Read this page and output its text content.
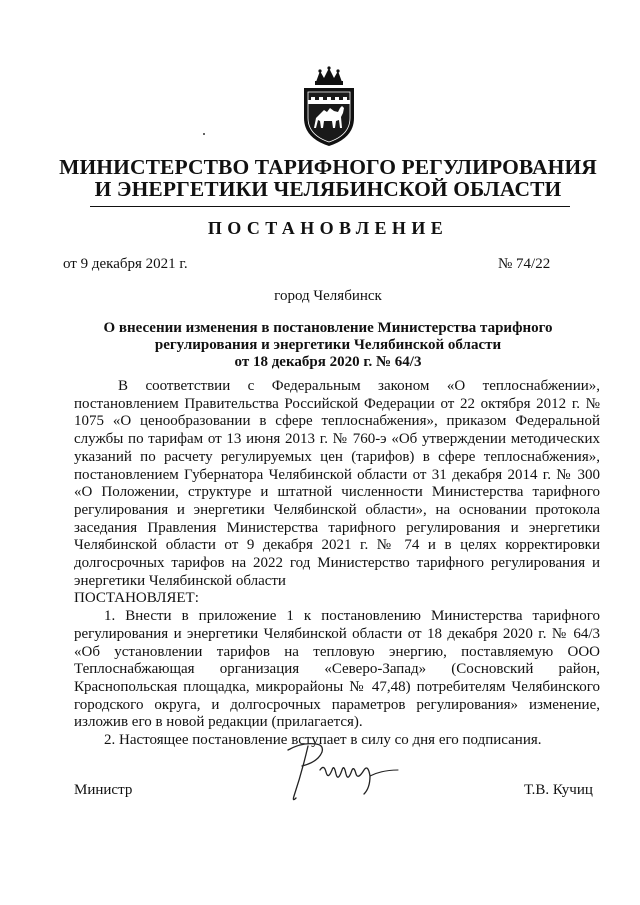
МИНИСТЕРСТВО ТАРИФНОГО РЕГУЛИРОВАНИЯ
И ЭНЕРГЕТИКИ ЧЕЛЯБИНСКОЙ ОБЛАСТИ
ПОСТАНОВЛЕНИЕ
от 9 декабря 2021 г.	№ 74/22
город Челябинск
О внесении изменения в постановление Министерства тарифного
регулирования и энергетики Челябинской области
от 18 декабря 2020 г. № 64/3

В соответствии с Федеральным законом «О теплоснабжении», постановлением Правительства Российской Федерации от 22 октября 2012 г. № 1075 «О ценообразовании в сфере теплоснабжения», приказом Федеральной службы по тарифам от 13 июня 2013 г. № 760-э «Об утверждении методических указаний по расчету регулируемых цен (тарифов) в сфере теплоснабжения», постановлением Губернатора Челябинской области от 31 декабря 2014 г. № 300 «О Положении, структуре и штатной численности Министерства тарифного регулирования и энергетики Челябинской области», на основании протокола заседания Правления Министерства тарифного регулирования и энергетики Челябинской области от 9 декабря 2021 г. № 74 и в целях корректировки долгосрочных тарифов на 2022 год Министерство тарифного регулирования и энергетики Челябинской области

ПОСТАНОВЛЯЕТ:

1. Внести в приложение 1 к постановлению Министерства тарифного регулирования и энергетики Челябинской области от 18 декабря 2020 г. № 64/3 «Об установлении тарифов на тепловую энергию, поставляемую ООО Теплоснабжающая организация «Северо-Запад» (Сосновский район, Краснопольская площадка, микрорайоны № 47,48) потребителям Челябинского городского округа, и долгосрочных параметров регулирования» изменение, изложив его в новой редакции (прилагается).

2. Настоящее постановление вступает в силу со дня его подписания.

Министр	Т.В. Кучиц
